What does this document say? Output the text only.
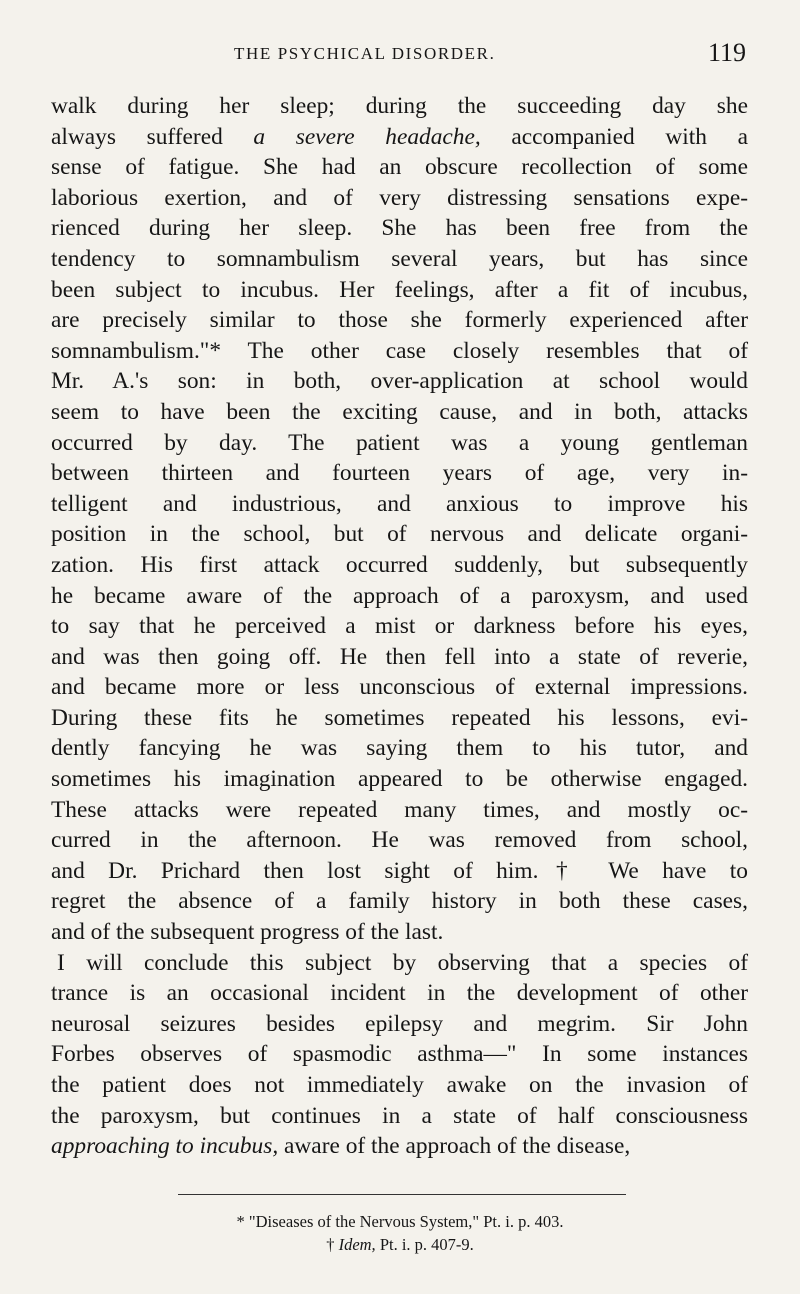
THE PSYCHICAL DISORDER.	119
walk during her sleep; during the succeeding day she
always suffered a severe headache, accompanied with a
sense of fatigue. She had an obscure recollection of some
laborious exertion, and of very distressing sensations expe-
rienced during her sleep. She has been free from the
tendency to somnambulism several years, but has since
been subject to incubus. Her feelings, after a fit of incubus,
are precisely similar to those she formerly experienced after
somnambulism."* The other case closely resembles that of
Mr. A.'s son: in both, over-application at school would
seem to have been the exciting cause, and in both, attacks
occurred by day. The patient was a young gentleman
between thirteen and fourteen years of age, very in-
telligent and industrious, and anxious to improve his
position in the school, but of nervous and delicate organi-
zation. His first attack occurred suddenly, but subsequently
he became aware of the approach of a paroxysm, and used
to say that he perceived a mist or darkness before his eyes,
and was then going off. He then fell into a state of reverie,
and became more or less unconscious of external impressions.
During these fits he sometimes repeated his lessons, evi-
dently fancying he was saying them to his tutor, and
sometimes his imagination appeared to be otherwise engaged.
These attacks were repeated many times, and mostly oc-
curred in the afternoon. He was removed from school,
and Dr. Prichard then lost sight of him.† We have to
regret the absence of a family history in both these cases,
and of the subsequent progress of the last.
I will conclude this subject by observing that a species of
trance is an occasional incident in the development of other
neurosal seizures besides epilepsy and megrim. Sir John
Forbes observes of spasmodic asthma—" In some instances
the patient does not immediately awake on the invasion of
the paroxysm, but continues in a state of half consciousness
approaching to incubus, aware of the approach of the disease,
* "Diseases of the Nervous System," Pt. i. p. 403.
† Idem, Pt. i. p. 407-9.
